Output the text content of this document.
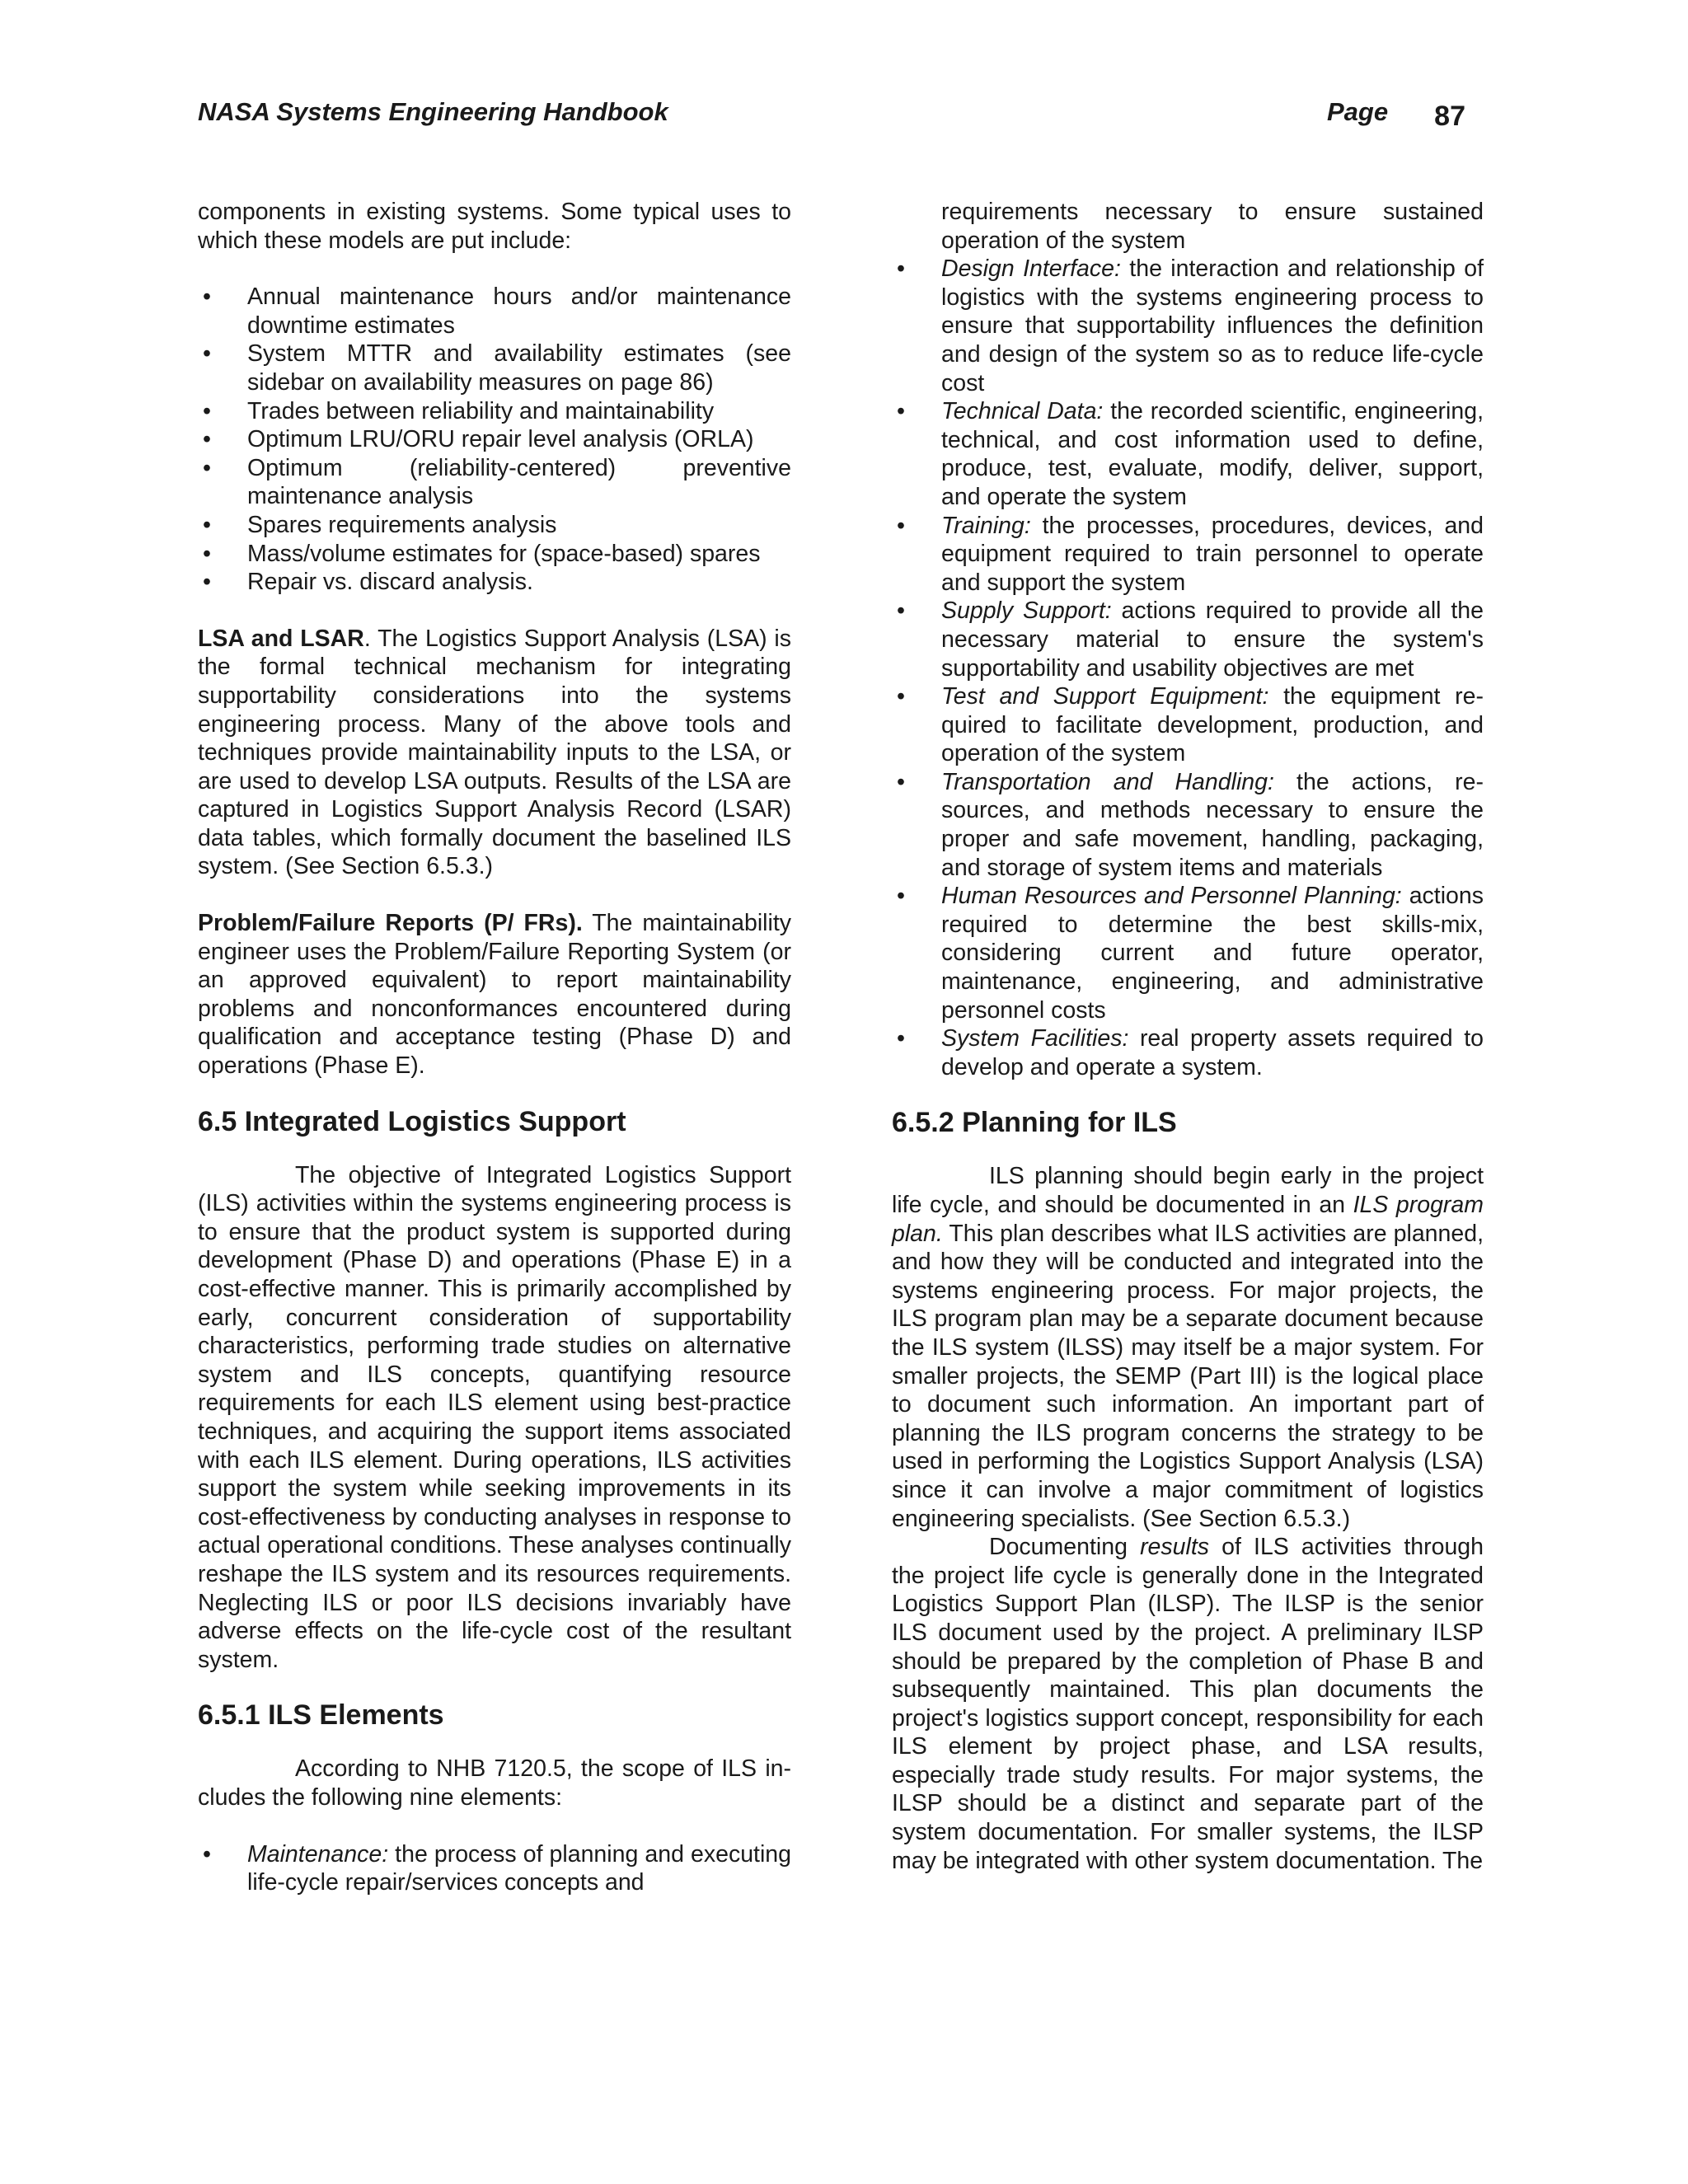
NASA Systems Engineering Handbook	Page 87

components in existing systems. Some typical uses to which these models are put include:

• Annual maintenance hours and/or maintenance downtime estimates
• System MTTR and availability estimates (see sidebar on availability measures on page 86)
• Trades between reliability and maintainability
• Optimum LRU/ORU repair level analysis (ORLA)
• Optimum (reliability-centered) preventive maintenance analysis
• Spares requirements analysis
• Mass/volume estimates for (space-based) spares
• Repair vs. discard analysis.

LSA and LSAR. The Logistics Support Analysis (LSA) is the formal technical mechanism for integrating supportability considerations into the systems engineering process. Many of the above tools and techniques provide maintainability inputs to the LSA, or are used to develop LSA outputs. Results of the LSA are captured in Logistics Support Analysis Record (LSAR) data tables, which formally document the baselined ILS system. (See Section 6.5.3.)

Problem/Failure Reports (P/ FRs). The maintainability engineer uses the Problem/Failure Reporting System (or an approved equivalent) to report maintainability problems and nonconformances encountered during qualification and acceptance testing (Phase D) and operations (Phase E).

6.5 Integrated Logistics Support

The objective of Integrated Logistics Support (ILS) activities within the systems engineering process is to ensure that the product system is supported during development (Phase D) and operations (Phase E) in a cost-effective manner. This is primarily accomplished by early, concurrent consideration of supportability characteristics, performing trade studies on alternative system and ILS concepts, quantifying resource requirements for each ILS element using best-practice techniques, and acquiring the support items associated with each ILS element. During operations, ILS activities support the system while seeking improvements in its cost-effectiveness by conducting analyses in response to actual operational conditions. These analyses continually reshape the ILS system and its resources requirements. Neglecting ILS or poor ILS decisions invariably have adverse effects on the life-cycle cost of the resultant system.

6.5.1 ILS Elements

According to NHB 7120.5, the scope of ILS in-cludes the following nine elements:

• Maintenance: the process of planning and executing life-cycle repair/services concepts and
requirements necessary to ensure sustained operation of the system
• Design Interface: the interaction and relationship of logistics with the systems engineering process to ensure that supportability influences the definition and design of the system so as to reduce life-cycle cost
• Technical Data: the recorded scientific, engineering, technical, and cost information used to define, produce, test, evaluate, modify, deliver, support, and operate the system
• Training: the processes, procedures, devices, and equipment required to train personnel to operate and support the system
• Supply Support: actions required to provide all the necessary material to ensure the system's supportability and usability objectives are met
• Test and Support Equipment: the equipment re-quired to facilitate development, production, and operation of the system
• Transportation and Handling: the actions, re-sources, and methods necessary to ensure the proper and safe movement, handling, packaging, and storage of system items and materials
• Human Resources and Personnel Planning: actions required to determine the best skills-mix, considering current and future operator, maintenance, engineering, and administrative personnel costs
• System Facilities: real property assets required to develop and operate a system.
6.5.2 Planning for ILS

ILS planning should begin early in the project life cycle, and should be documented in an ILS program plan. This plan describes what ILS activities are planned, and how they will be conducted and integrated into the systems engineering process. For major projects, the ILS program plan may be a separate document because the ILS system (ILSS) may itself be a major system. For smaller projects, the SEMP (Part III) is the logical place to document such information. An important part of planning the ILS program concerns the strategy to be used in performing the Logistics Support Analysis (LSA) since it can involve a major commitment of logistics engineering specialists. (See Section 6.5.3.)

Documenting results of ILS activities through the project life cycle is generally done in the Integrated Logistics Support Plan (ILSP). The ILSP is the senior ILS document used by the project. A preliminary ILSP should be prepared by the completion of Phase B and subsequently maintained. This plan documents the project's logistics support concept, responsibility for each ILS element by project phase, and LSA results, especially trade study results. For major systems, the ILSP should be a distinct and separate part of the system documentation. For smaller systems, the ILSP may be integrated with other system documentation. The
